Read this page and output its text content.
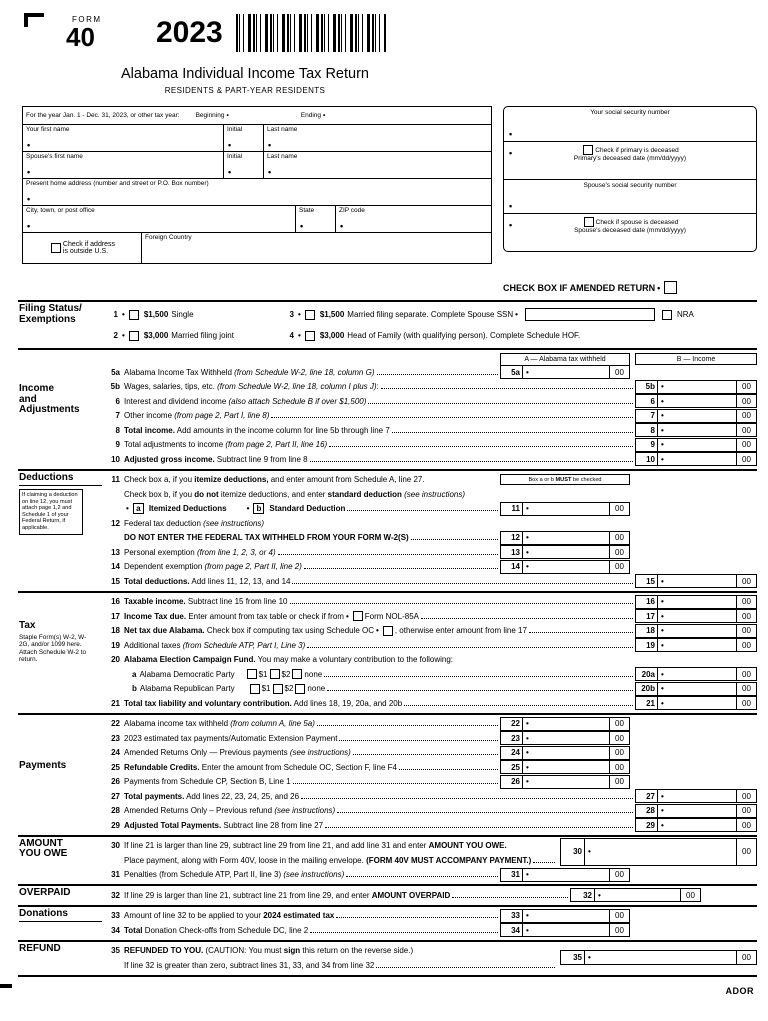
FORM
40 2023
Alabama Individual Income Tax Return
RESIDENTS & PART-YEAR RESIDENTS
For the year Jan. 1 - Dec. 31, 2023, or other tax year: Beginning •	Ending
•
Your first name
•	Initial
•	Last name
•
Spouse's first name
•	Initial
•	Last name
•
Present home address (number and street or P.O. Box number)
•
City, town, or post office
•	State
•	ZIP code
•
Check if address
is outside U.S.
Foreign Country
Your social security number
•
•
Check if primary is deceased
Primary's deceased date (mm/dd/yyyy)
Spouse's social security number
•
•
Check if spouse is deceased
Spouse's deceased date (mm/dd/yyyy)
CHECK BOX IF AMENDED RETURN
•
Filing Status/
Exemptions	1 •	$1,500 Single	3 •	$1,500 Married filing separate. Complete Spouse SSN •	NRA
2 •	$3,000 Married filing joint	4 •	$3,000 Head of Family (with qualifying person). Complete Schedule HOF.
Income
and
Adjustments
A — Alabama tax withheld	B — Income
5a Alabama Income Tax Withheld (from Schedule W-2, line 18, column G)	5a •	00
5b Wages, salaries, tips, etc. (from Schedule W-2, line 18, column I plus J):	5b •	00
6 Interest and dividend income (also attach Schedule B if over $1,500)	6 •	00
7 Other income (from page 2, Part I, line 8)	7 •	00
8 Total income. Add amounts in the income column for line 5b through line 7	8 •	00
9 Total adjustments to income (from page 2, Part II, line 16)	9 •	00
10 Adjusted gross income. Subtract line 9 from line 8	10 •	00
Deductions
If claiming a deduction on line 12, you must attach page 1,2 and Schedule 1 of your Federal Return, if applicable.
11 Check box a, if you itemize deductions, and enter amount from Schedule A, line 27.	Box a or b MUST be checked
Check box b, if you do not itemize deductions, and enter standard deduction (see instructions)
•
a	Itemized Deductions •	b	Standard Deduction	11 •	00
12 Federal tax deduction (see instructions)
DO NOT ENTER THE FEDERAL TAX WITHHELD FROM YOUR FORM W-2(S)	12 •	00
13 Personal exemption (from line 1, 2, 3, or 4)	13 •	00
14 Dependent exemption (from page 2, Part II, line 2)	14 •	00
15 Total deductions. Add lines 11, 12, 13, and 14	15 •	00
Tax
Staple Form(s) W-2, W-2G, and/or 1099 here. Attach Schedule W-2 to return.
16 Taxable income. Subtract line 15 from line 10	16 •	00
17 Income Tax due. Enter amount from tax table or check if from •	Form NOL-85A	17 •	00
18 Net tax due Alabama. Check box if computing tax using Schedule OC •	, otherwise enter amount from line 17	18 •	00
19 Additional taxes (from Schedule ATP, Part I, Line 3)	19 •	00
20 Alabama Election Campaign Fund. You may make a voluntary contribution to the following:
a Alabama Democratic Party	$1 $2 none	20a •	00
b Alabama Republican Party	$1 $2 none	20b •	00
21 Total tax liability and voluntary contribution. Add lines 18, 19, 20a, and 20b	21 •	00
Payments
22 Alabama income tax withheld (from column A, line 5a)	22 •	00
23 2023 estimated tax payments/Automatic Extension Payment	23 •	00
24 Amended Returns Only — Previous payments (see instructions)	24 •	00
25 Refundable Credits. Enter the amount from Schedule OC, Section F, line F4	25 •	00
26 Payments from Schedule CP, Section B, Line 1	26 •	00
27 Total payments. Add lines 22, 23, 24, 25, and 26	27 •	00
28 Amended Returns Only – Previous refund (see instructions)	28 •	00
29 Adjusted Total Payments. Subtract line 28 from line 27	29 •	00
AMOUNT
YOU OWE	30 •	00
30 If line 21 is larger than line 29, subtract line 29 from line 21, and add line 31 and enter AMOUNT YOU OWE.
Place payment, along with Form 40V, loose in the mailing envelope. (FORM 40V MUST ACCOMPANY PAYMENT.)
31 Penalties (from Schedule ATP, Part II, line 3) (see instructions)	31 •	00
OVERPAID	32 If line 29 is larger than line 21, subtract line 21 from line 29, and enter AMOUNT OVERPAID	32 •	00
Donations	33 Amount of line 32 to be applied to your 2024 estimated tax	33 •	00
34 Total Donation Check-offs from Schedule DC, line 2	34 •	00
REFUND
35 •	00
35 REFUNDED TO YOU. (CAUTION: You must sign this return on the reverse side.)
If line 32 is greater than zero, subtract lines 31, 33, and 34 from line 32
ADOR
